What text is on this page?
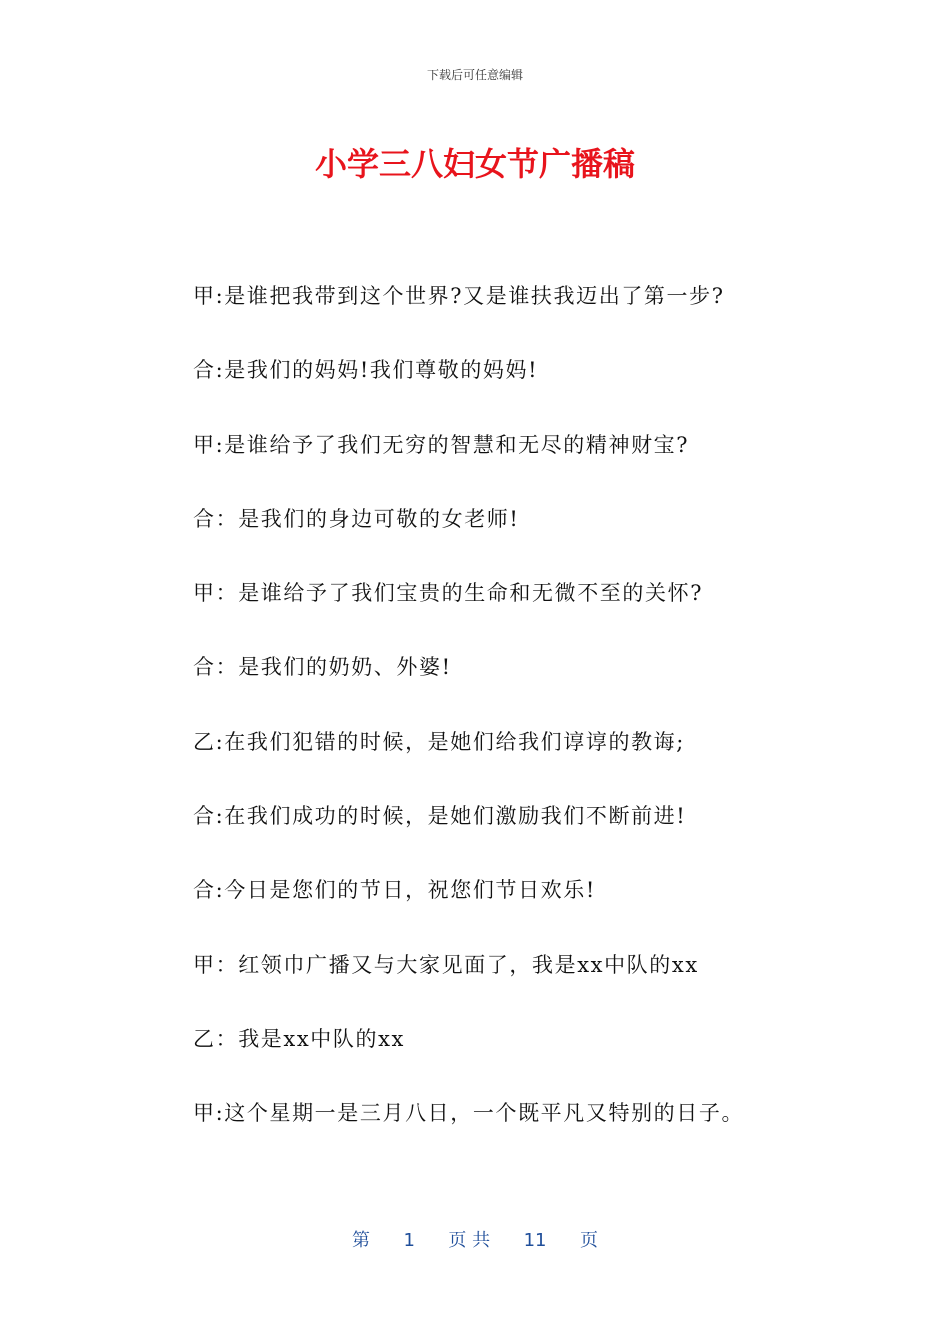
下载后可任意编辑
小学三八妇女节广播稿
甲:是谁把我带到这个世界?又是谁扶我迈出了第一步?
合:是我们的妈妈!我们尊敬的妈妈!
甲:是谁给予了我们无穷的智慧和无尽的精神财宝?
合：是我们的身边可敬的女老师!
甲：是谁给予了我们宝贵的生命和无微不至的关怀?
合：是我们的奶奶、外婆!
乙:在我们犯错的时候，是她们给我们谆谆的教诲;
合:在我们成功的时候，是她们激励我们不断前进!
合:今日是您们的节日，祝您们节日欢乐!
甲：红领巾广播又与大家见面了，我是xx中队的xx
乙：我是xx中队的xx
甲:这个星期一是三月八日，一个既平凡又特别的日子。
第 1 页 共 11 页
